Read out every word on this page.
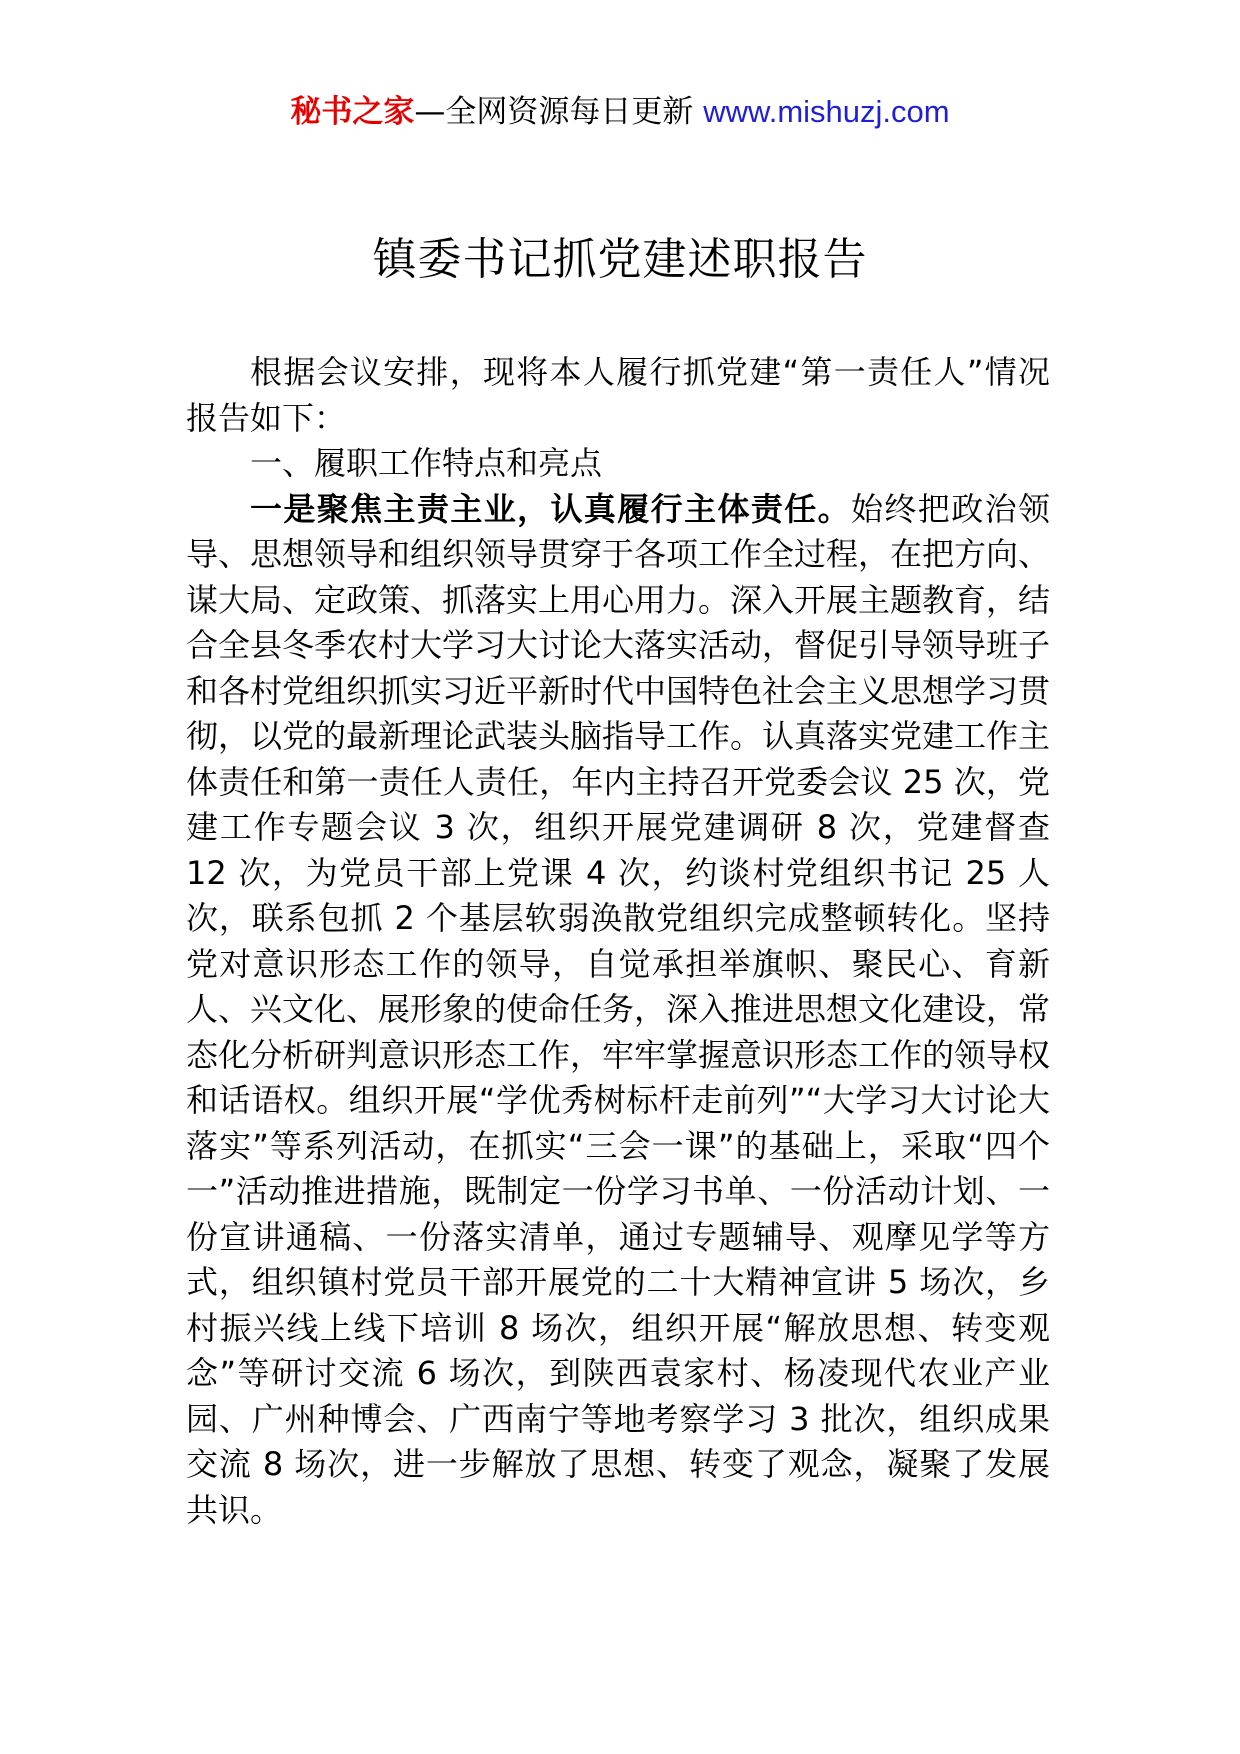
秘书之家—全网资源每日更新 www.mishuzj.com
镇委书记抓党建述职报告

根据会议安排，现将本人履行抓党建“第一责任人”情况报告如下：

一、履职工作特点和亮点

一是聚焦主责主业，认真履行主体责任。始终把政治领导、思想领导和组织领导贯穿于各项工作全过程，在把方向、谋大局、定政策、抓落实上用心用力。深入开展主题教育，结合全县冬季农村大学习大讨论大落实活动，督促引导领导班子和各村党组织抓实习近平新时代中国特色社会主义思想学习贯彻，以党的最新理论武装头脑指导工作。认真落实党建工作主体责任和第一责任人责任，年内主持召开党委会议 25 次，党建工作专题会议 3 次，组织开展党建调研 8 次，党建督查 12 次，为党员干部上党课 4 次，约谈村党组织书记 25 人次，联系包抓 2 个基层软弱涣散党组织完成整顿转化。坚持党对意识形态工作的领导，自觉承担举旗帜、聚民心、育新人、兴文化、展形象的使命任务，深入推进思想文化建设，常态化分析研判意识形态工作，牢牢掌握意识形态工作的领导权和话语权。组织开展“学优秀树标杆走前列”“大学习大讨论大落实”等系列活动，在抓实“三会一课”的基础上，采取“四个一”活动推进措施，既制定一份学习书单、一份活动计划、一份宣讲通稿、一份落实清单，通过专题辅导、观摩见学等方式，组织镇村党员干部开展党的二十大精神宣讲 5 场次，乡村振兴线上线下培训 8 场次，组织开展“解放思想、转变观念”等研讨交流 6 场次，到陕西袁家村、杨凌现代农业产业园、广州种博会、广西南宁等地考察学习 3 批次，组织成果交流 8 场次，进一步解放了思想、转变了观念，凝聚了发展共识。
